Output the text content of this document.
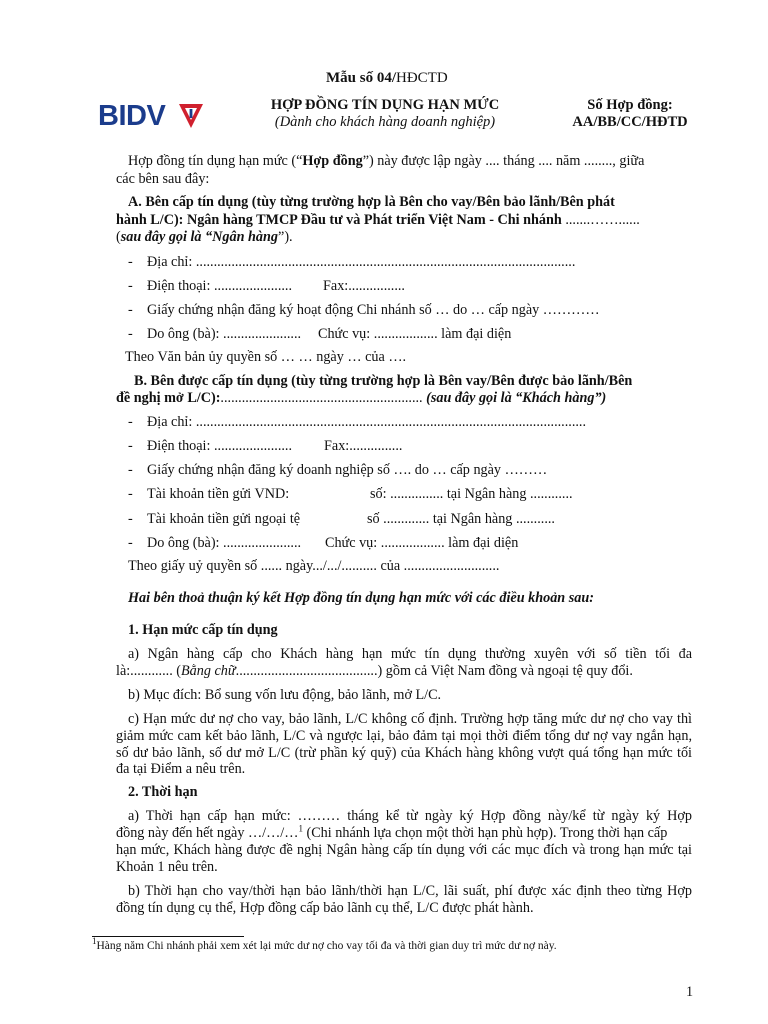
Mẫu số 04/HĐCTD
BIDV	HỢP ĐỒNG TÍN DỤNG HẠN MỨC
(Dành cho khách hàng doanh nghiệp)
Số Hợp đồng:
AA/BB/CC/HĐTD
Hợp đồng tín dụng hạn mức (“Hợp đồng”) này được lập ngày .... tháng .... năm ........, giữa
các bên sau đây:
A. Bên cấp tín dụng (tùy từng trường hợp là Bên cho vay/Bên bảo lãnh/Bên phát
hành L/C): Ngân hàng TMCP Đầu tư và Phát triển Việt Nam - Chi nhánh .......……......
(sau đây gọi là “Ngân hàng”).
- Địa chỉ: ...........................................................................................................
- Điện thoại: ...................... Fax:................
- Giấy chứng nhận đăng ký hoạt động Chi nhánh số … do … cấp ngày …………
- Do ông (bà): ...................... Chức vụ: .................. làm đại diện
Theo Văn bản ủy quyền số … … ngày … của ….
B. Bên được cấp tín dụng (tùy từng trường hợp là Bên vay/Bên được bảo lãnh/Bên
đề nghị mở L/C):......................................................... (sau đây gọi là “Khách hàng”)
- Địa chỉ: ..............................................................................................................
- Điện thoại: ...................... Fax:...............
- Giấy chứng nhận đăng ký doanh nghiệp số …. do … cấp ngày ………
- Tài khoản tiền gửi VND:	số: ............... tại Ngân hàng ............
- Tài khoản tiền gửi ngoại tệ	số ............. tại Ngân hàng ...........
- Do ông (bà): ...................... Chức vụ: .................. làm đại diện
Theo giấy uỷ quyền số ...... ngày.../.../.......... của ...........................
Hai bên thoả thuận ký kết Hợp đồng tín dụng hạn mức với các điều khoản sau:
1. Hạn mức cấp tín dụng
a) Ngân hàng cấp cho Khách hàng hạn mức tín dụng thường xuyên với số tiền tối đa
là:............ (Bằng chữ........................................) gồm cả Việt Nam đồng và ngoại tệ quy đổi.
b) Mục đích: Bổ sung vốn lưu động, bảo lãnh, mở L/C.
c) Hạn mức dư nợ cho vay, bảo lãnh, L/C không cố định. Trường hợp tăng mức dư nợ cho vay thì giảm mức cam kết bảo lãnh, L/C và ngược lại, bảo đảm tại mọi thời điểm tổng dư nợ vay ngắn hạn, số dư bảo lãnh, số dư mở L/C (trừ phần ký quỹ) của Khách hàng không vượt quá tổng hạn mức tối đa tại Điểm a nêu trên.
2. Thời hạn
a) Thời hạn cấp hạn mức: ……… tháng kể từ ngày ký Hợp đồng này/kể từ ngày ký Hợp
đồng này đến hết ngày …/…/…$^1$ (Chi nhánh lựa chọn một thời hạn phù hợp). Trong thời hạn cấp
hạn mức, Khách hàng được đề nghị Ngân hàng cấp tín dụng với các mục đích và trong hạn mức tại Khoản 1 nêu trên.
b) Thời hạn cho vay/thời hạn bảo lãnh/thời hạn L/C, lãi suất, phí được xác định theo từng Hợp đồng tín dụng cụ thể, Hợp đồng cấp bảo lãnh cụ thể, L/C được phát hành.
$^1$Hàng năm Chi nhánh phải xem xét lại mức dư nợ cho vay tối đa và thời gian duy trì mức dư nợ này.
1
